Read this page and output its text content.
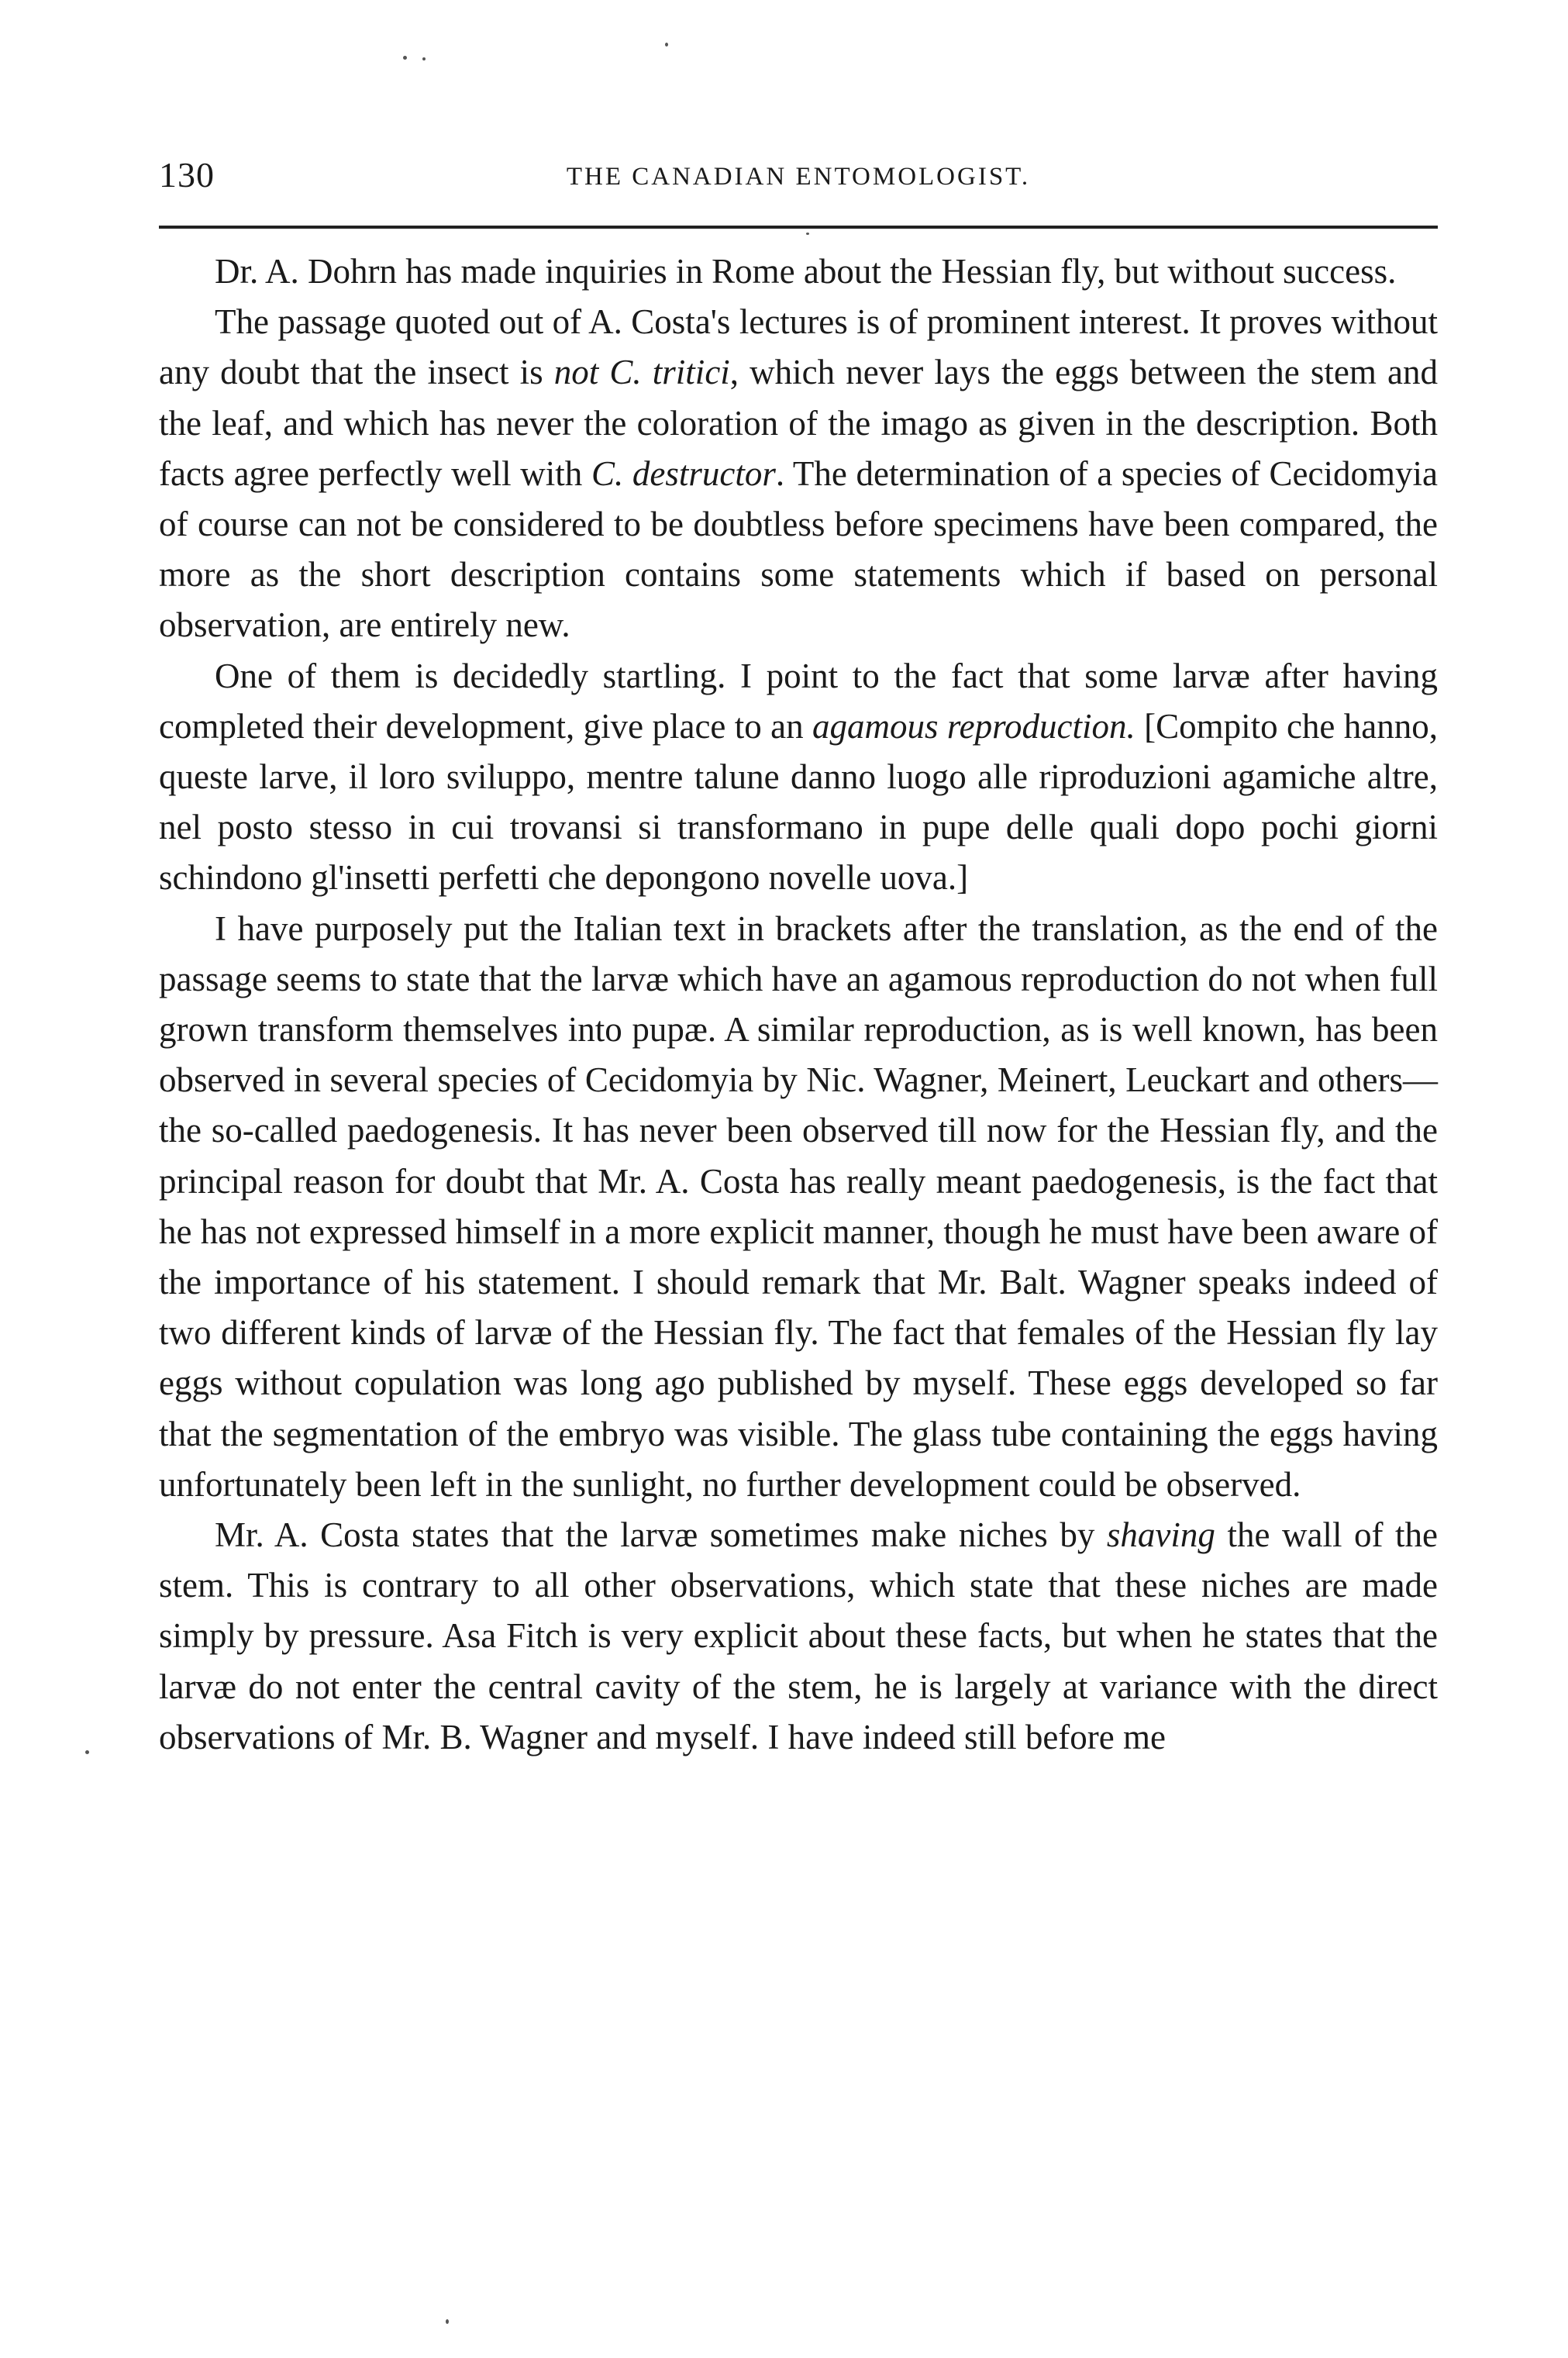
130	THE CANADIAN ENTOMOLOGIST.

Dr. A. Dohrn has made inquiries in Rome about the Hessian fly, but without success.

The passage quoted out of A. Costa's lectures is of prominent interest. It proves without any doubt that the insect is not C. tritici, which never lays the eggs between the stem and the leaf, and which has never the coloration of the imago as given in the description. Both facts agree perfectly well with C. destructor. The determination of a species of Cecidomyia of course can not be considered to be doubtless before specimens have been compared, the more as the short description contains some statements which if based on personal observation, are entirely new.

One of them is decidedly startling. I point to the fact that some larvæ after having completed their development, give place to an agamous reproduction. [Compito che hanno, queste larve, il loro sviluppo, mentre talune danno luogo alle riproduzioni agamiche altre, nel posto stesso in cui trovansi si transformano in pupe delle quali dopo pochi giorni schindono gl'insetti perfetti che depongono novelle uova.]

I have purposely put the Italian text in brackets after the translation, as the end of the passage seems to state that the larvæ which have an agamous reproduction do not when full grown transform themselves into pupæ. A similar reproduction, as is well known, has been observed in several species of Cecidomyia by Nic. Wagner, Meinert, Leuckart and others—the so-called paedogenesis. It has never been observed till now for the Hessian fly, and the principal reason for doubt that Mr. A. Costa has really meant paedogenesis, is the fact that he has not expressed himself in a more explicit manner, though he must have been aware of the importance of his statement. I should remark that Mr. Balt. Wagner speaks indeed of two different kinds of larvæ of the Hessian fly. The fact that females of the Hessian fly lay eggs without copulation was long ago published by myself. These eggs developed so far that the segmentation of the embryo was visible. The glass tube containing the eggs having unfortunately been left in the sunlight, no further development could be observed.

Mr. A. Costa states that the larvæ sometimes make niches by shaving the wall of the stem. This is contrary to all other observations, which state that these niches are made simply by pressure. Asa Fitch is very explicit about these facts, but when he states that the larvæ do not enter the central cavity of the stem, he is largely at variance with the direct observations of Mr. B. Wagner and myself. I have indeed still before me
